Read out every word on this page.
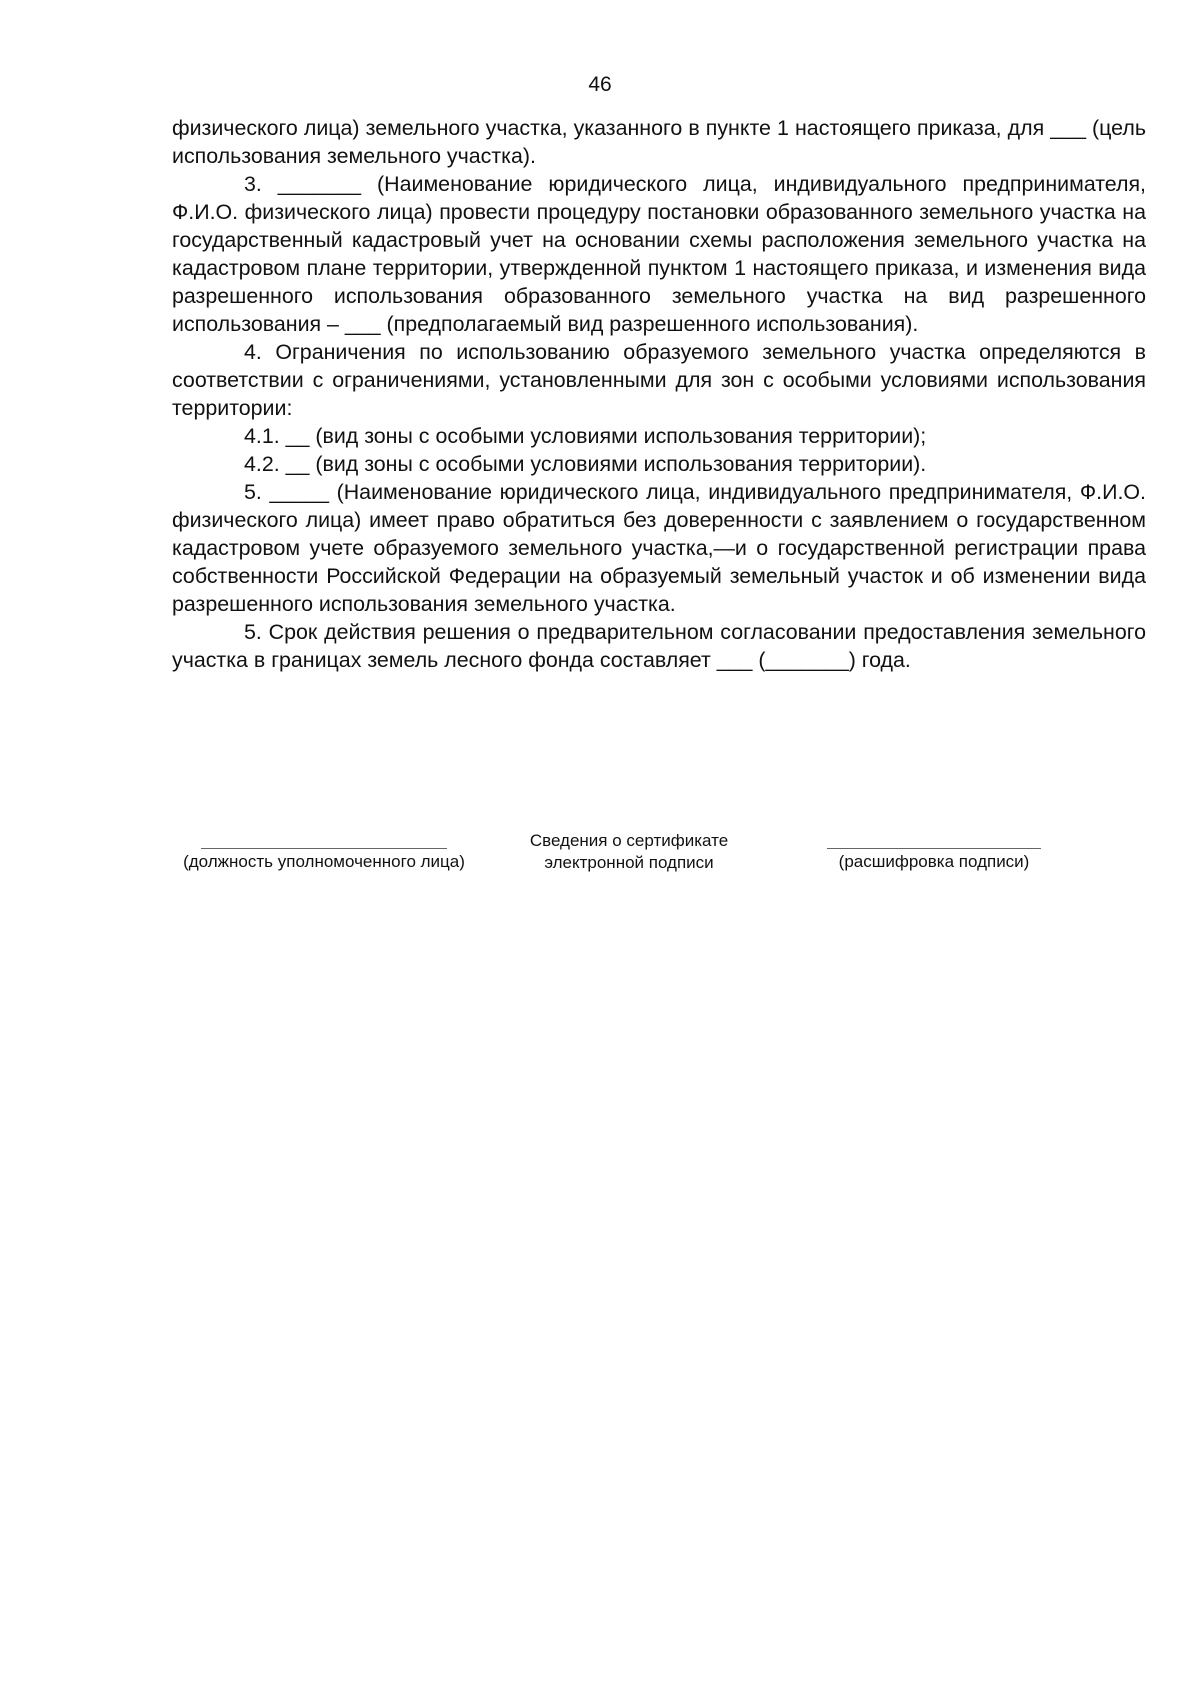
46

физического лица) земельного участка, указанного в пункте 1 настоящего приказа, для ___ (цель использования земельного участка).

3. _______ (Наименование юридического лица, индивидуального предпринимателя, Ф.И.О. физического лица) провести процедуру постановки образованного земельного участка на государственный кадастровый учет на основании схемы расположения земельного участка на кадастровом плане территории, утвержденной пунктом 1 настоящего приказа, и изменения вида разрешенного использования образованного земельного участка на вид разрешенного использования – ___ (предполагаемый вид разрешенного использования).

4. Ограничения по использованию образуемого земельного участка определяются в соответствии с ограничениями, установленными для зон с особыми условиями использования территории:

4.1. __ (вид зоны с особыми условиями использования территории);

4.2. __ (вид зоны с особыми условиями использования территории).

5. _____ (Наименование юридического лица, индивидуального предпринимателя, Ф.И.О. физического лица) имеет право обратиться без доверенности с заявлением о государственном кадастровом учете образуемого земельного участка,—и о государственной регистрации права собственности Российской Федерации на образуемый земельный участок и об изменении вида разрешенного использования земельного участка.

5. Срок действия решения о предварительном согласовании предоставления земельного участка в границах земель лесного фонда составляет ___ (_______) года.

(должность уполномоченного лица)
Сведения о сертификате электронной подписи	(расшифровка подписи)
